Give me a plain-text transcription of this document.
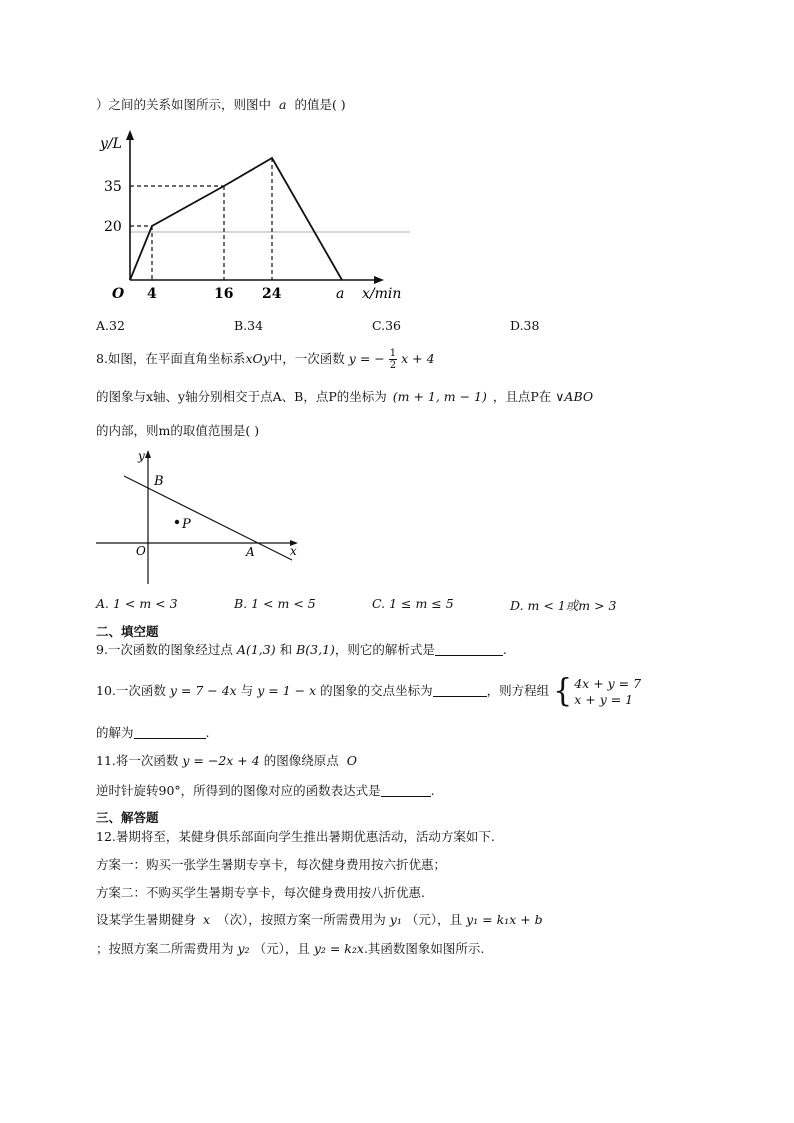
）之间的关系如图所示，则图中 a 的值是( )
y/L
35
20
O 4	16 24	a x/min
A.32	B.34	C.36	D.38
8.如图，在平面直角坐标系xOy中，一次函数 y = − $\frac{1}{2}$ x + 4
的图象与x轴、y轴分别相交于点A、B，点P的坐标为 (m + 1, m − 1) ，且点P在 ∨ABO
的内部，则m的取值范围是( )
y
B
P
O	A	x
A. 1 < m < 3	B. 1 < m < 5	C. 1 ≤ m ≤ 5	D. m < 1或m > 3
二、填空题
9.一次函数的图象经过点 A(1,3) 和 B(3,1)，则它的解析式是	.
10.一次函数 y = 7 − 4x 与 y = 1 − x 的图象的交点坐标为	，则方程组 { 4x + y = 7
x + y = 1
的解为	.
11.将一次函数 y = −2x + 4 的图像绕原点 O
逆时针旋转90°，所得到的图像对应的函数表达式是	.
三、解答题
12.暑期将至，某健身俱乐部面向学生推出暑期优惠活动，活动方案如下.
方案一：购买一张学生暑期专享卡，每次健身费用按六折优惠；
方案二：不购买学生暑期专享卡，每次健身费用按八折优惠.
设某学生暑期健身 x （次），按照方案一所需费用为 y₁ （元），且 y₁ = k₁x + b
；按照方案二所需费用为 y₂ （元），且 y₂ = k₂x.其函数图象如图所示.
